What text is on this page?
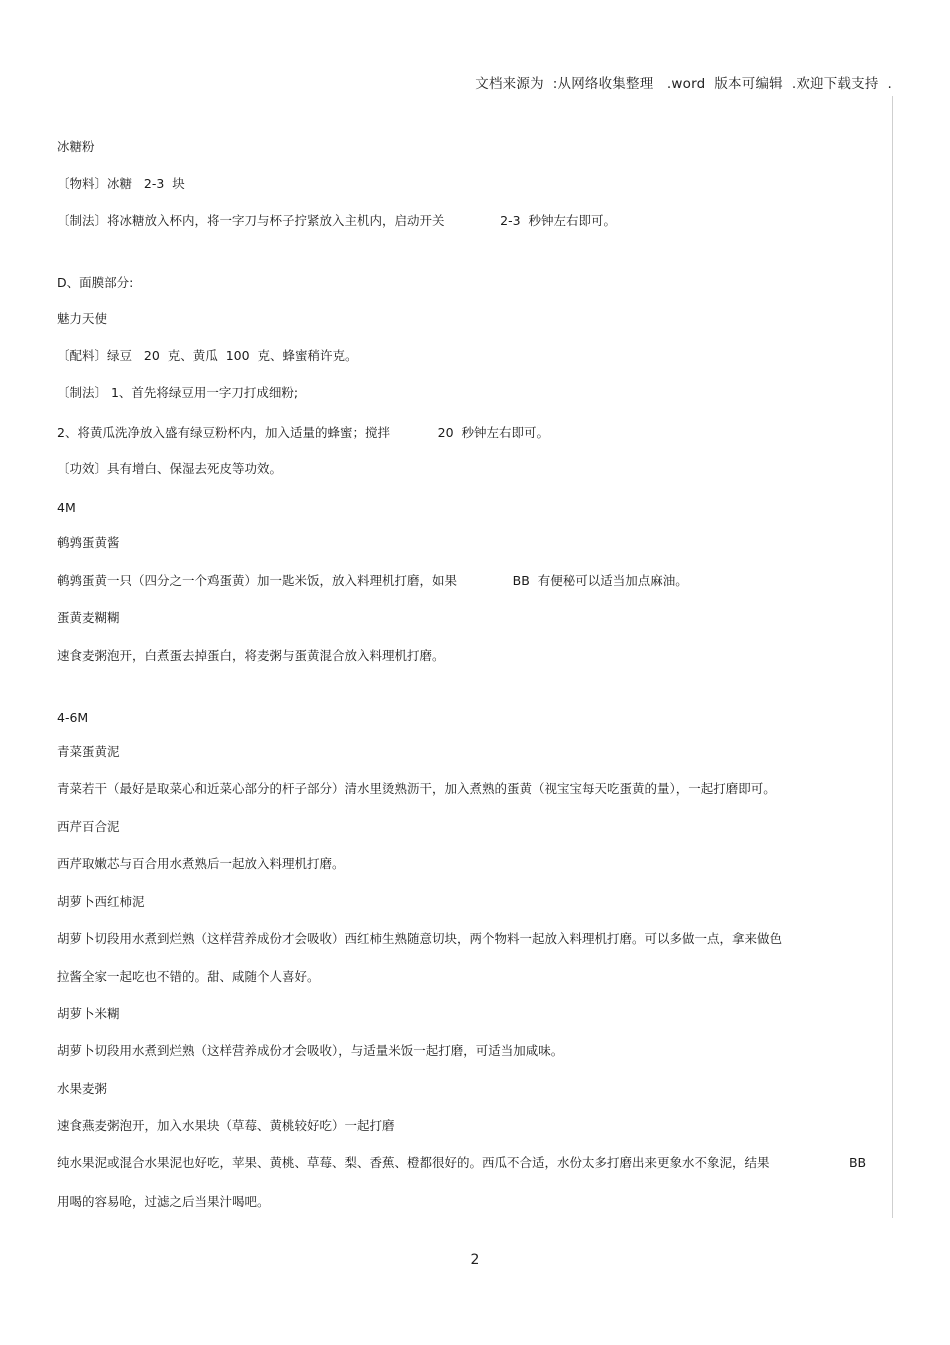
文档来源为  :从网络收集整理   .word  版本可编辑  .欢迎下载支持  .
冰糖粉
〔物料〕冰糖   2-3  块
〔制法〕将冰糖放入杯内，将一字刀与杯子拧紧放入主机内，启动开关              2-3  秒钟左右即可。
D、面膜部分:
魅力天使
〔配料〕绿豆   20  克、黄瓜  100  克、蜂蜜稍许克。
〔制法〕 1、首先将绿豆用一字刀打成细粉;
2、将黄瓜洗净放入盛有绿豆粉杯内，加入适量的蜂蜜；搅拌            20  秒钟左右即可。
〔功效〕具有增白、保湿去死皮等功效。
4M
鹌鹑蛋黄酱
鹌鹑蛋黄一只（四分之一个鸡蛋黄）加一匙米饭，放入料理机打磨，如果              BB  有便秘可以适当加点麻油。
蛋黄麦糊糊
速食麦粥泡开，白煮蛋去掉蛋白，将麦粥与蛋黄混合放入料理机打磨。
4-6M
青菜蛋黄泥
青菜若干（最好是取菜心和近菜心部分的杆子部分）清水里烫熟沥干，加入煮熟的蛋黄（视宝宝每天吃蛋黄的量），一起打磨即可。
西芹百合泥
西芹取嫩芯与百合用水煮熟后一起放入料理机打磨。
胡萝卜西红柿泥
胡萝卜切段用水煮到烂熟（这样营养成份才会吸收）西红柿生熟随意切块，两个物料一起放入料理机打磨。可以多做一点，拿来做色
拉酱全家一起吃也不错的。甜、咸随个人喜好。
胡萝卜米糊
胡萝卜切段用水煮到烂熟（这样营养成份才会吸收），与适量米饭一起打磨，可适当加咸味。
水果麦粥
速食燕麦粥泡开，加入水果块（草莓、黄桃较好吃）一起打磨
纯水果泥或混合水果泥也好吃，苹果、黄桃、草莓、梨、香蕉、橙都很好的。西瓜不合适，水份太多打磨出来更象水不象泥，结果                    BB
用喝的容易呛，过滤之后当果汁喝吧。
2
